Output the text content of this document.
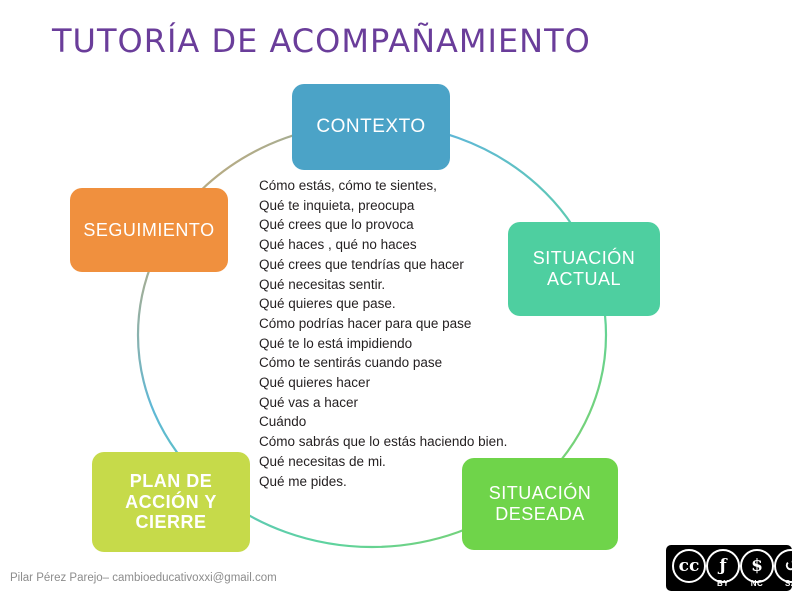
TUTORÍA DE ACOMPAÑAMIENTO
CONTEXTO
SITUACIÓN ACTUAL
SITUACIÓN DESEADA
PLAN DE ACCIÓN Y CIERRE
SEGUIMIENTO
Cómo estás, cómo te sientes,
Qué te inquieta, preocupa
Qué crees que lo provoca
Qué haces , qué no haces
Qué crees que tendrías que hacer
Qué necesitas sentir.
Qué quieres que pase.
Cómo podrías hacer para que pase
Qué te lo está impidiendo
Cómo te sentirás cuando pase
Qué quieres hacer
Qué vas a hacer
Cuándo
Cómo sabrás que lo estás haciendo bien.
Qué necesitas de mi.
Qué me pides.
Pilar Pérez Parejo– cambioeducativoxxi@gmail.com
cc	ƒ
BY
$
NC
↺
SA
